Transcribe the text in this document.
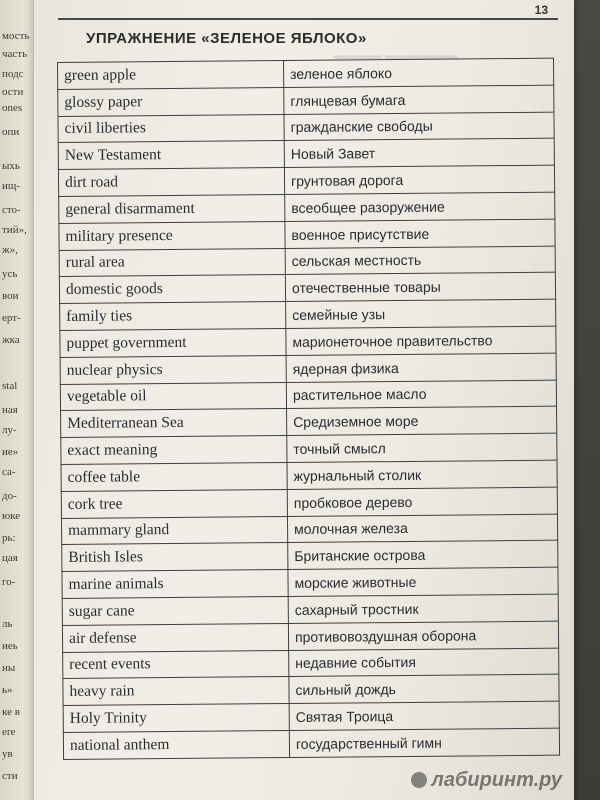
мость
часть
подс
ости
ones
опи
ыхь
ищ-
сто-
тий»,
ж»,
усь
вои
ерт-
жка
stal
ная
лу-
ие»
са-
до-
юке
рь:
цая
го-
ль
иеь
ны
ь»
ке в
ere
ув
сти
13
УПРАЖНЕНИЕ «ЗЕЛЕНОЕ ЯБЛОКО»
▬▬▬▬ ▬▬▬▬▬▬
green apple	зеленое яблоко
glossy paper	глянцевая бумага
civil liberties	гражданские свободы
New Testament	Новый Завет
dirt road	грунтовая дорога
general disarmament	всеобщее разоружение
military presence	военное присутствие
rural area	сельская местность
domestic goods	отечественные товары
family ties	семейные узы
puppet government	марионеточное правительство
nuclear physics	ядерная физика
vegetable oil	растительное масло
Mediterranean Sea	Средиземное море
exact meaning	точный смысл
coffee table	журнальный столик
cork tree	пробковое дерево
mammary gland	молочная железа
British Isles	Британские острова
marine animals	морские животные
sugar cane	сахарный тростник
air defense	противовоздушная оборона
recent events	недавние события
heavy rain	сильный дождь
Holy Trinity	Святая Троица
national anthem	государственный гимн
лабиринт.ру
